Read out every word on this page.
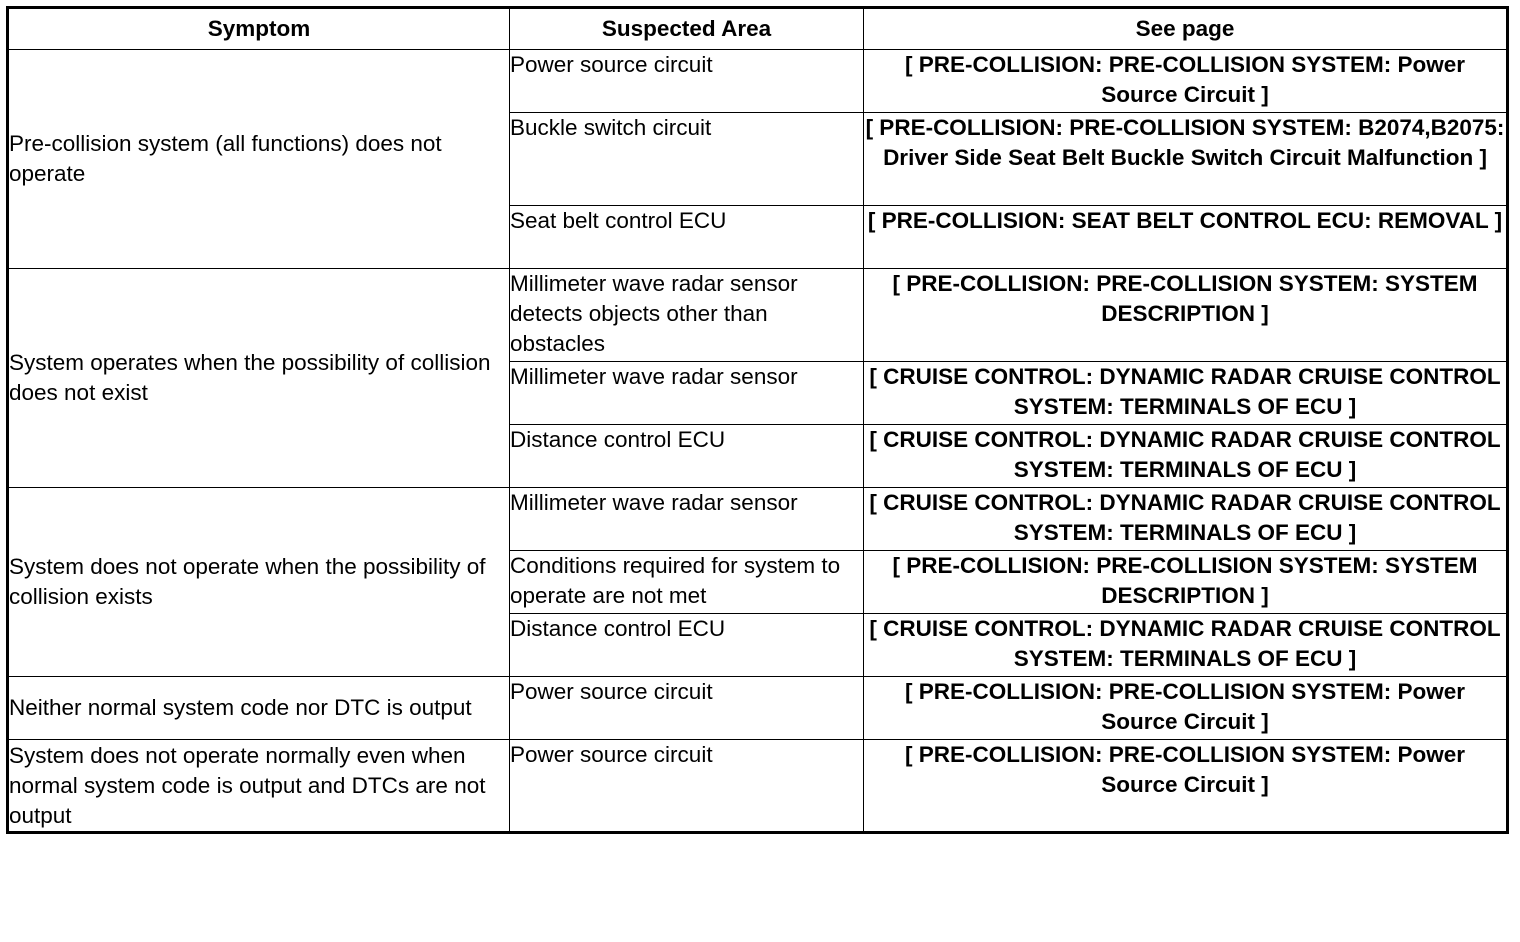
Symptom	Suspected Area	See page
Pre-collision system (all functions) does not operate	Power source circuit	[ PRE-COLLISION: PRE-COLLISION SYSTEM: Power Source Circuit ]
	Buckle switch circuit	[ PRE-COLLISION: PRE-COLLISION SYSTEM: B2074,B2075: Driver Side Seat Belt Buckle Switch Circuit Malfunction ]
	Seat belt control ECU	[ PRE-COLLISION: SEAT BELT CONTROL ECU: REMOVAL ]
System operates when the possibility of collision does not exist	Millimeter wave radar sensor detects objects other than obstacles	[ PRE-COLLISION: PRE-COLLISION SYSTEM: SYSTEM DESCRIPTION ]
	Millimeter wave radar sensor	[ CRUISE CONTROL: DYNAMIC RADAR CRUISE CONTROL SYSTEM: TERMINALS OF ECU ]
	Distance control ECU	[ CRUISE CONTROL: DYNAMIC RADAR CRUISE CONTROL SYSTEM: TERMINALS OF ECU ]
System does not operate when the possibility of collision exists	Millimeter wave radar sensor	[ CRUISE CONTROL: DYNAMIC RADAR CRUISE CONTROL SYSTEM: TERMINALS OF ECU ]
	Conditions required for system to operate are not met	[ PRE-COLLISION: PRE-COLLISION SYSTEM: SYSTEM DESCRIPTION ]
	Distance control ECU	[ CRUISE CONTROL: DYNAMIC RADAR CRUISE CONTROL SYSTEM: TERMINALS OF ECU ]
Neither normal system code nor DTC is output	Power source circuit	[ PRE-COLLISION: PRE-COLLISION SYSTEM: Power Source Circuit ]
System does not operate normally even when normal system code is output and DTCs are not output	Power source circuit	[ PRE-COLLISION: PRE-COLLISION SYSTEM: Power Source Circuit ]
